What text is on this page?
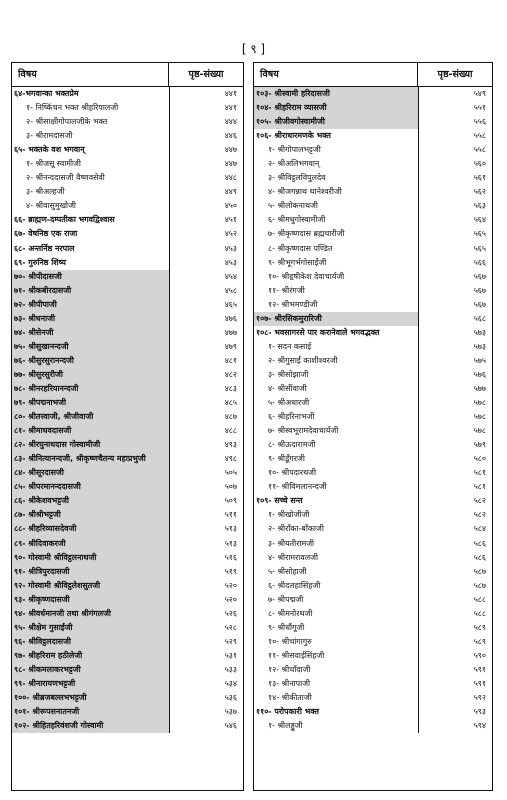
[ ९ ]
विषय	पृष्ठ-संख्या
६४-भगवान्का भक्तप्रेम	४४१
१- निष्किंचन भक्त श्रीहरिपालजी	४४१
२- श्रीसाक्षीगोपालजीके भक्त	४४४
३- श्रीरामदासजी	४४६
६५- भक्तके वश भगवान्	४४७
१- श्रीजसू स्वामीजी	४४७
२- श्रीनन्ददासजी वैष्णवसेवी	४४८
३- श्रीअल्हजी	४४९
४- श्रीवासुमुखोजी	४५०
६६- ब्राह्मण-दम्पतीका भगवद्विश्वास	४५१
६७- वेषनिष्ठ एक राजा	४५२
६८- अन्तर्निष्ठ नरपाल	४५३
६९- गुरुनिष्ठ शिष्य	४५३
७०- श्रीपीदासजी	४५४
७१- श्रीकबीरदासजी	४५८
७२- श्रीपीपाजी	४६५
७३- श्रीधनाजी	४७६
७४- श्रीसेनजी	४७७
७५- श्रीसुखानन्दजी	४७९
७६- श्रीसुरसुरानन्दजी	४८१
७७- श्रीसुरसुरीजी	४८२
७८- श्रीनरहरियानन्दजी	४८३
७९- श्रीपद्मनाभजी	४८५
८०- श्रीतत्त्वाजी, श्रीजीवाजी	४८७
८१- श्रीमाधवदासजी	४८८
८२- श्रीरघुनाथदास गोस्वामीजी	४९३
८३- श्रीनित्यानन्दजी, श्रीकृष्णचैतन्य महाप्रभुजी	४९८
८४- श्रीसूरदासजी	५०५
८५- श्रीपरमानन्ददासजी	५०७
८६- श्रीकेशवभट्टजी	५०९
८७- श्रीश्रीभट्टजी	५११
८८- श्रीहरिव्यासदेवजी	५१३
८९- श्रीदिवाकरजी	५१३
९०- गोस्वामी श्रीविट्ठलनाथजी	५१६
९१- श्रीत्रिपुरदासजी	५१९
९२- गोस्वामी श्रीविट्ठलेशसुतजी	५२०
९३- श्रीकृष्णदासजी	५२०
९४- श्रीवर्धमानजी तथा श्रीगंगलजी	५२६
९५- श्रीक्षेम गुसाईंजी	५२८
९६- श्रीविट्ठलदासजी	५२९
९७- श्रीहरिराम हठीलेजी	५३१
९८- श्रीकमलाकरभट्टजी	५३३
९९- श्रीनारायणभट्टजी	५३४
१००- श्रीब्रजबल्लभभट्टजी	५३६
१०१- श्रीरूपसनातनजी	५३७
१०२- श्रीहितहरिवंशजी गोस्वामी	५४६
विषय	पृष्ठ-संख्या
१०३- श्रीस्वामी हरिदासजी	५४९
१०४- श्रीहरिराम व्यासजी	५५१
१०५- श्रीजीवगोस्वामीजी	५५६
१०६- श्रीराधारमणके भक्त	५५८
१- श्रीगोपालभट्टजी	५५८
२- श्रीअलिभगवान्	५६०
३- श्रीविट्ठलविपुलदेव	५६१
४- श्रीजगन्नाथ थानेश्वरीजी	५६२
५- श्रीलोकनाथजी	५६३
६- श्रीमधुगोस्वामीजी	५६४
७- श्रीकृष्णदास ब्रह्मचारीजी	५६५
८- श्रीकृष्णदास पण्डित	५६५
९- श्रीभूगर्भगोसाईंजी	५६६
१०- श्रीहृषीकेश देवाचार्यजी	५६७
११- श्रीरंगजी	५६७
१२- श्रीभमण्डीजी	५६७
१०७- श्रीरसिकमुरारिजी	५६८
१०८- भवसागरसे पार करानेवाले भगवद्भक्त	५७३
१- सदन कसाई	५७३
२- श्रीगुसाईं काशीश्वरजी	५७५
३- श्रीसोझाजी	५७६
४- श्रीसींवाजी	५७७
५- श्रीअधारजी	५७८
६- श्रीहरिनाभजी	५७८
७- श्रीस्वभूरामदेवाचार्यजी	५७८
८- श्रीऊदारामजी	५७९
९- श्रीडूँगरजी	५८०
१०- श्रीपदारथजी	५८१
११- श्रीविमलानन्दजी	५८१
१०९- सच्चे सन्त	५८२
१- श्रीखोजीजी	५८२
२- श्रीराँका-बाँकाजी	५८४
३- श्रीयतीरामजी	५८६
४- श्रीरामरावलजी	५८६
५- श्रीसोहाजी	५८७
६- श्रीदलहासिंहजी	५८७
७- श्रीपद्मजी	५८८
८- श्रीमनोरथजी	५८८
९- श्रीधौंगूजी	५८९
१०- श्रीचांगागुरु	५८९
११- श्रीसवाईसिंहजी	५९०
१२- श्रीचाँदाजी	५९१
१३- श्रीनापाजी	५९१
१४- श्रीकीताजी	५९२
११०- परोपकारी भक्त	५९३
१- श्रीलड्डूजी	५९४
